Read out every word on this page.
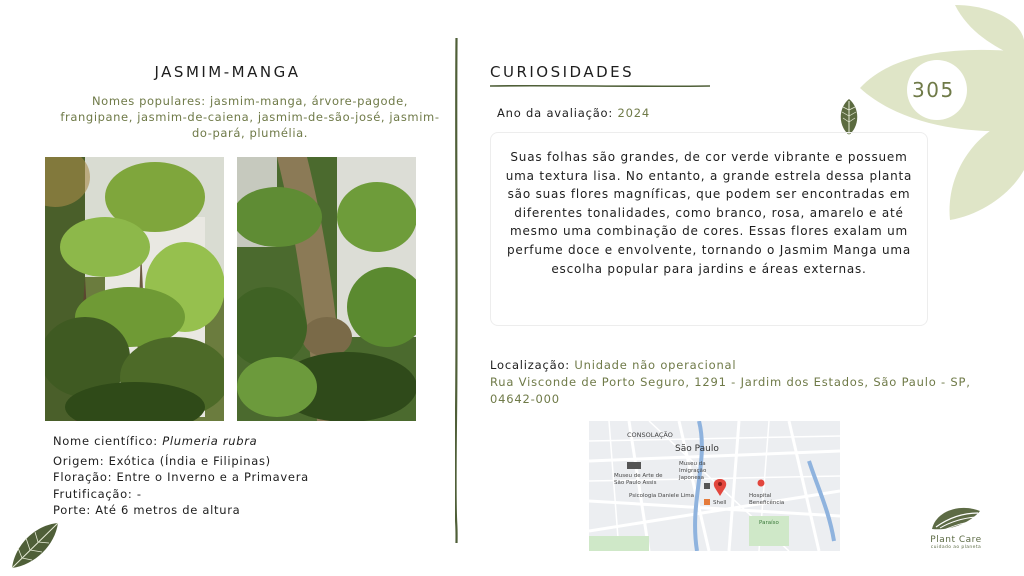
305
JASMIM-MANGA
Nomes populares: jasmim-manga, árvore-pagode, frangipane, jasmim-de-caiena, jasmim-de-são-josé, jasmim-do-pará, plumélia.
Nome científico: Plumeria rubra
Origem: Exótica (Índia e Filipinas)
Floração: Entre o Inverno e a Primavera
Frutificação: -
Porte: Até 6 metros de altura
CURIOSIDADES
Ano da avaliação: 2024
Suas folhas são grandes, de cor verde vibrante e possuem uma textura lisa. No entanto, a grande estrela dessa planta são suas flores magníficas, que podem ser encontradas em diferentes tonalidades, como branco, rosa, amarelo e até mesmo uma combinação de cores. Essas flores exalam um perfume doce e envolvente, tornando o Jasmim Manga uma escolha popular para jardins e áreas externas.
Localização: Unidade não operacional
Rua Visconde de Porto Seguro, 1291 - Jardim dos Estados, São Paulo - SP, 04642-000
CONSOLAÇÃO
São Paulo
Museu da Imigração Japonesa
Museu de Arte de São Paulo Assis
Psicologia Daniele Lima
Shell
Hospital Beneficência
Paraíso
Plant Care
cuidado ao planeta
